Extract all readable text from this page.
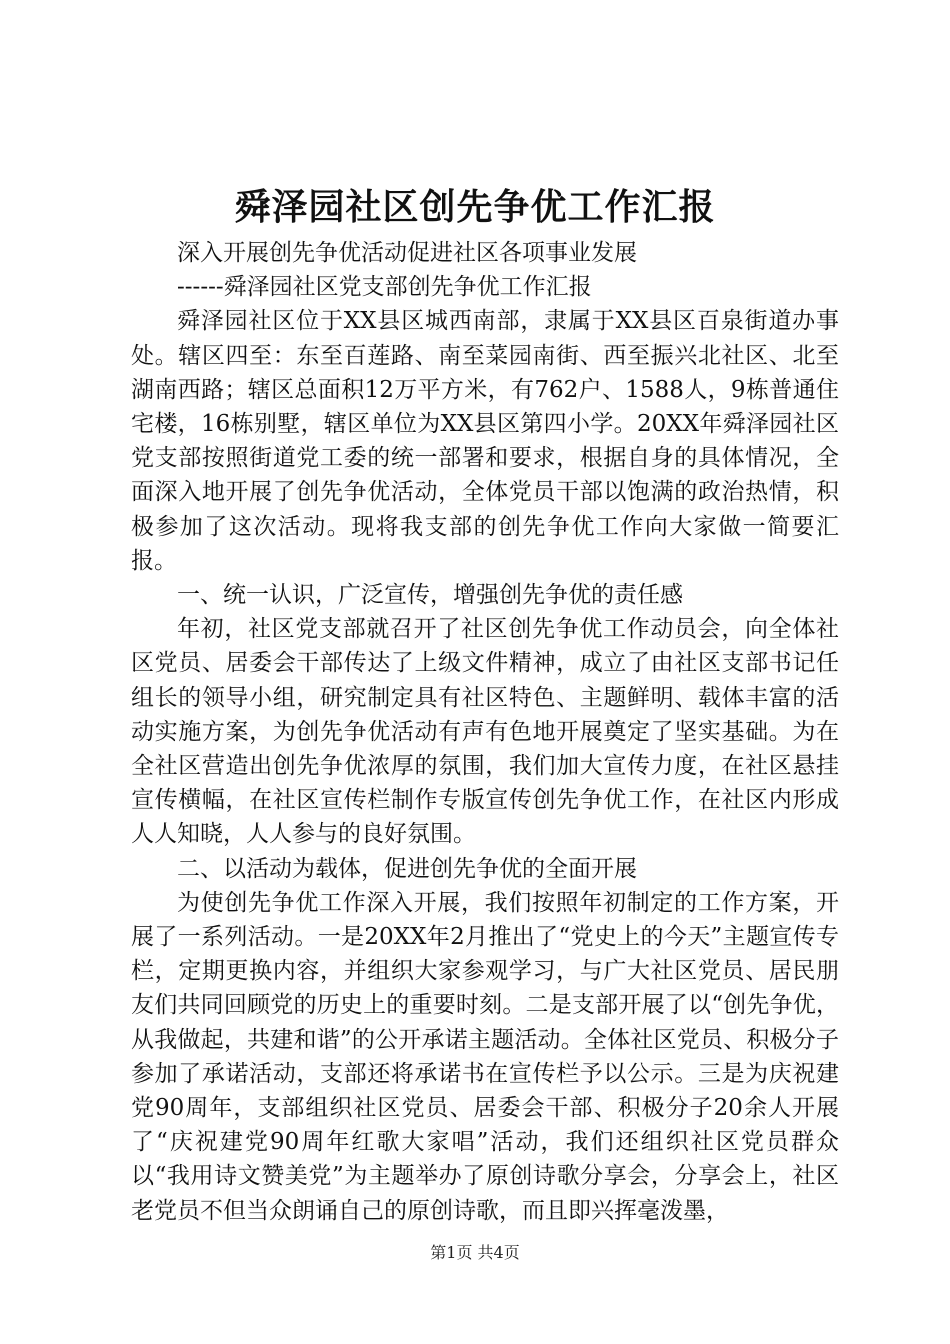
舜泽园社区创先争优工作汇报

深入开展创先争优活动促进社区各项事业发展

------舜泽园社区党支部创先争优工作汇报

舜泽园社区位于XX县区城西南部，隶属于XX县区百泉街道办事处。辖区四至：东至百莲路、南至菜园南街、西至振兴北社区、北至湖南西路；辖区总面积12万平方米，有762户、1588人，9栋普通住宅楼，16栋别墅，辖区单位为XX县区第四小学。20XX年舜泽园社区党支部按照街道党工委的统一部署和要求，根据自身的具体情况，全面深入地开展了创先争优活动，全体党员干部以饱满的政治热情，积极参加了这次活动。现将我支部的创先争优工作向大家做一简要汇报。

一、统一认识，广泛宣传，增强创先争优的责任感

年初，社区党支部就召开了社区创先争优工作动员会，向全体社区党员、居委会干部传达了上级文件精神，成立了由社区支部书记任组长的领导小组，研究制定具有社区特色、主题鲜明、载体丰富的活动实施方案，为创先争优活动有声有色地开展奠定了坚实基础。为在全社区营造出创先争优浓厚的氛围，我们加大宣传力度，在社区悬挂宣传横幅，在社区宣传栏制作专版宣传创先争优工作，在社区内形成人人知晓，人人参与的良好氛围。

二、以活动为载体，促进创先争优的全面开展

为使创先争优工作深入开展，我们按照年初制定的工作方案，开展了一系列活动。一是20XX年2月推出了“党史上的今天”主题宣传专栏，定期更换内容，并组织大家参观学习，与广大社区党员、居民朋友们共同回顾党的历史上的重要时刻。二是支部开展了以“创先争优，从我做起，共建和谐”的公开承诺主题活动。全体社区党员、积极分子参加了承诺活动，支部还将承诺书在宣传栏予以公示。三是为庆祝建党90周年，支部组织社区党员、居委会干部、积极分子20余人开展了“庆祝建党90周年红歌大家唱”活动，我们还组织社区党员群众以“我用诗文赞美党”为主题举办了原创诗歌分享会，分享会上，社区老党员不但当众朗诵自己的原创诗歌，而且即兴挥毫泼墨，

第1页 共4页
